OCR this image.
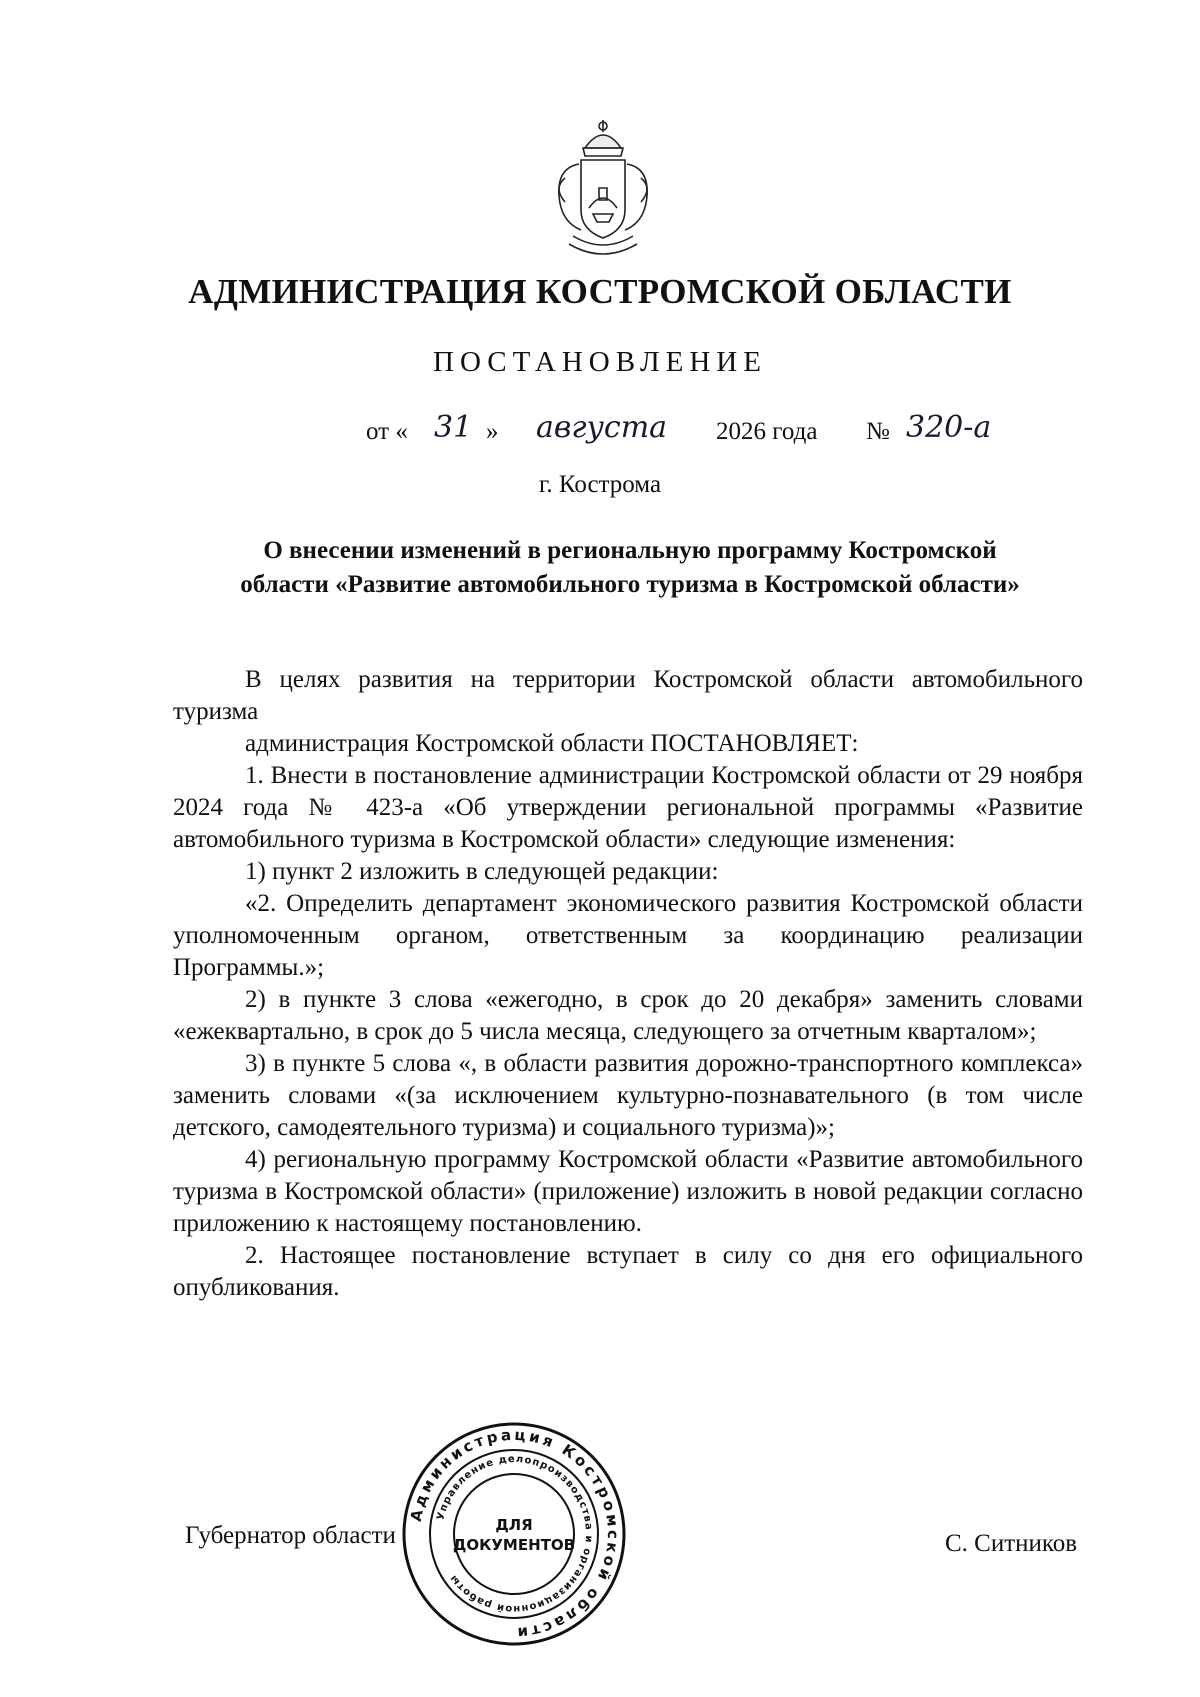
АДМИНИСТРАЦИЯ КОСТРОМСКОЙ ОБЛАСТИ
ПОСТАНОВЛЕНИЕ
от « 31 » августа 2026 года № 320-а
г. Кострома
О внесении изменений в региональную программу Костромской
области «Развитие автомобильного туризма в Костромской области»

В целях развития на территории Костромской области автомобильного туризма

администрация Костромской области ПОСТАНОВЛЯЕТ:

1. Внести в постановление администрации Костромской области от 29 ноября 2024 года № 423-а «Об утверждении региональной программы «Развитие автомобильного туризма в Костромской области» следующие изменения:

1) пункт 2 изложить в следующей редакции:

«2. Определить департамент экономического развития Костромской области уполномоченным органом, ответственным за координацию реализации Программы.»;

2) в пункте 3 слова «ежегодно, в срок до 20 декабря» заменить словами «ежеквартально, в срок до 5 числа месяца, следующего за отчетным кварталом»;

3) в пункте 5 слова «, в области развития дорожно-транспортного комплекса» заменить словами «(за исключением культурно-познавательного (в том числе детского, самодеятельного туризма) и социального туризма)»;

4) региональную программу Костромской области «Развитие автомобильного туризма в Костромской области» (приложение) изложить в новой редакции согласно приложению к настоящему постановлению.

2. Настоящее постановление вступает в силу со дня его официального опубликования.

Губернатор области	С. Ситников
Администрация Костромской области
Управление делопроизводства и организационной работы
ДЛЯ
ДОКУМЕНТОВ
